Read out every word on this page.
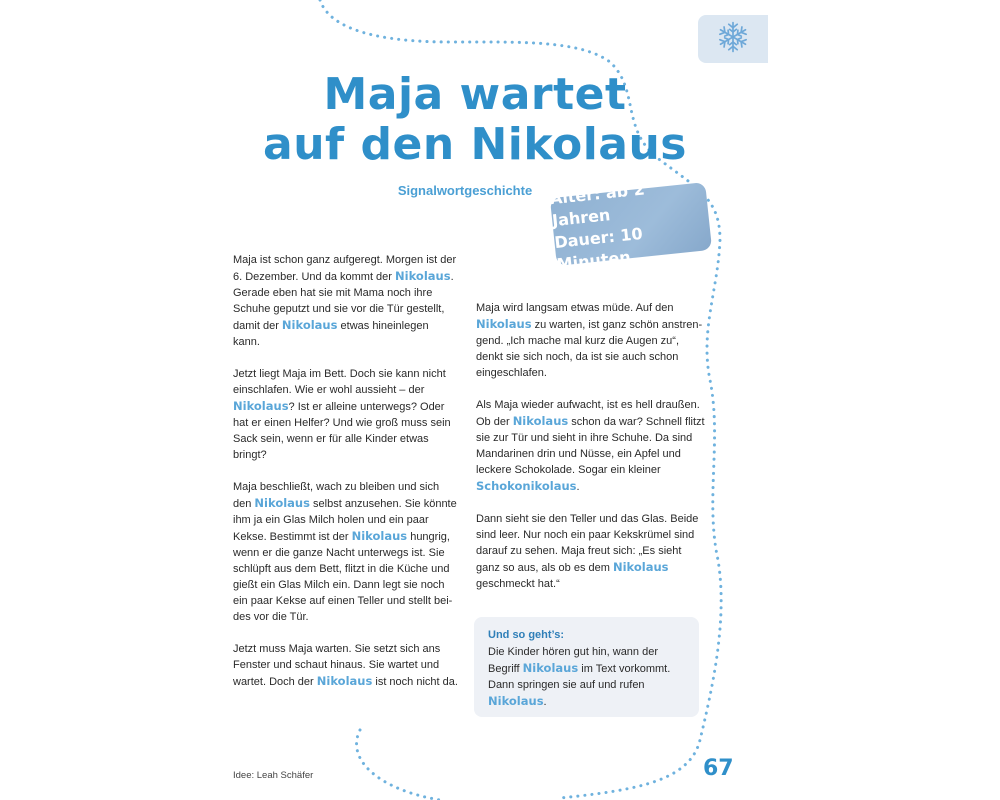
Maja wartet
auf den Nikolaus
Signalwortgeschichte	Alter: ab 2 Jahren
Dauer: 10 Minuten

Maja ist schon ganz aufgeregt. Morgen ist der 6. Dezember. Und da kommt der Nikolaus. Gerade eben hat sie mit Mama noch ihre Schuhe geputzt und sie vor die Tür gestellt, damit der Nikolaus etwas hineinlegen kann.

Jetzt liegt Maja im Bett. Doch sie kann nicht einschlafen. Wie er wohl aussieht – der Nikolaus? Ist er alleine unterwegs? Oder hat er einen Helfer? Und wie groß muss sein Sack sein, wenn er für alle Kinder etwas bringt?

Maja beschließt, wach zu bleiben und sich den Nikolaus selbst anzusehen. Sie könnte ihm ja ein Glas Milch holen und ein paar Kekse. Bestimmt ist der Nikolaus hungrig, wenn er die ganze Nacht unterwegs ist. Sie schlüpft aus dem Bett, flitzt in die Küche und gießt ein Glas Milch ein. Dann legt sie noch ein paar Kekse auf einen Teller und stellt bei- des vor die Tür.

Jetzt muss Maja warten. Sie setzt sich ans Fenster und schaut hinaus. Sie wartet und wartet. Doch der Nikolaus ist noch nicht da.

Maja wird langsam etwas müde. Auf den Nikolaus zu warten, ist ganz schön anstren- gend. „Ich mache mal kurz die Augen zu“, denkt sie sich noch, da ist sie auch schon eingeschlafen.

Als Maja wieder aufwacht, ist es hell draußen. Ob der Nikolaus schon da war? Schnell flitzt sie zur Tür und sieht in ihre Schuhe. Da sind Mandarinen drin und Nüsse, ein Apfel und leckere Schokolade. Sogar ein kleiner Schokonikolaus.

Dann sieht sie den Teller und das Glas. Beide sind leer. Nur noch ein paar Kekskrümel sind darauf zu sehen. Maja freut sich: „Es sieht ganz so aus, als ob es dem Nikolaus geschmeckt hat.“

Und so geht’s:
Die Kinder hören gut hin, wann der Begriff Nikolaus im Text vorkommt. Dann springen sie auf und rufen Nikolaus.
Idee: Leah Schäfer	67
